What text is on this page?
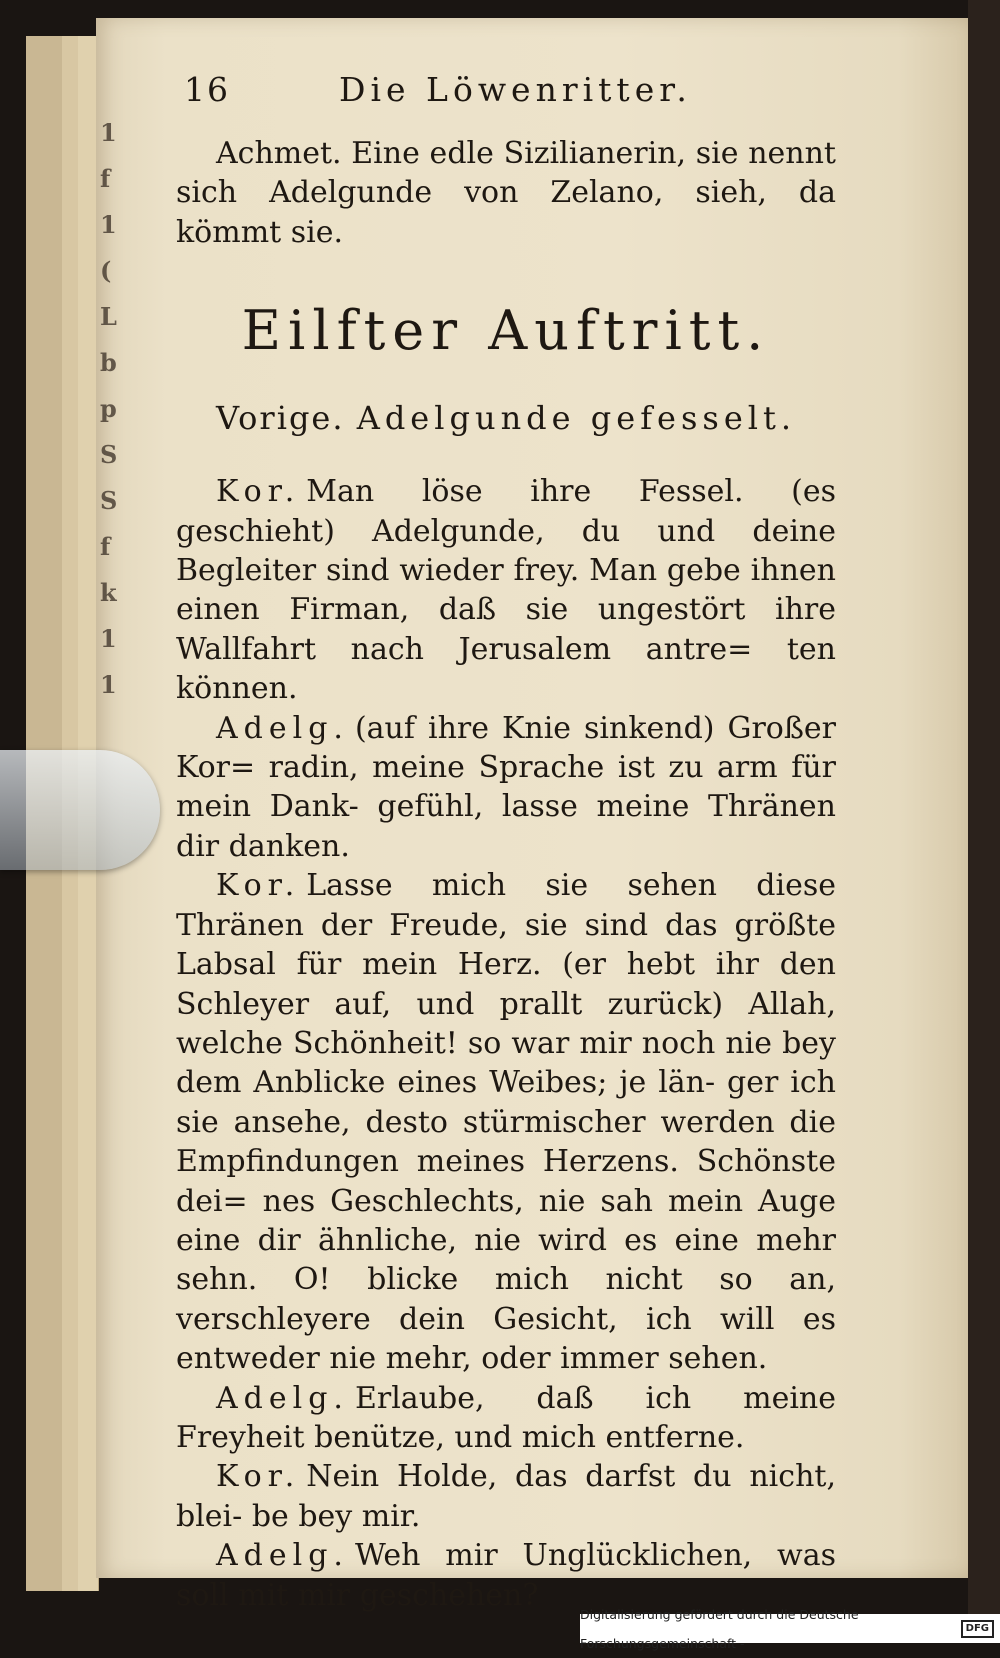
1
f
1
(
L
b
p
S
S
f
k
1
1
16	Die Löwenritter.

Achmet. Eine edle Sizilianerin, sie nennt sich Adelgunde von Zelano, sieh, da kömmt sie.

Eilfter Auftritt.
Vorige. Adelgunde gefesselt.

Kor. Man löse ihre Fessel. (es geschieht) Adelgunde, du und deine Begleiter sind wieder frey. Man gebe ihnen einen Firman, daß sie ungestört ihre Wallfahrt nach Jerusalem antre= ten können.

Adelg. (auf ihre Knie sinkend) Großer Kor= radin, meine Sprache ist zu arm für mein Dank- gefühl, lasse meine Thränen dir danken.

Kor. Lasse mich sie sehen diese Thränen der Freude, sie sind das größte Labsal für mein Herz. (er hebt ihr den Schleyer auf, und prallt zurück) Allah, welche Schönheit! so war mir noch nie bey dem Anblicke eines Weibes; je län- ger ich sie ansehe, desto stürmischer werden die Empfindungen meines Herzens. Schönste dei= nes Geschlechts, nie sah mein Auge eine dir ähnliche, nie wird es eine mehr sehn. O! blicke mich nicht so an, verschleyere dein Gesicht, ich will es entweder nie mehr, oder immer sehen.

Adelg. Erlaube, daß ich meine Freyheit benütze, und mich entferne.

Kor. Nein Holde, das darfst du nicht, blei- be bey mir.

Adelg. Weh mir Unglücklichen, was soll mit mir geschehen?

Digitalisierung gefördert durch die Deutsche Forschungsgemeinschaft -
DFG
